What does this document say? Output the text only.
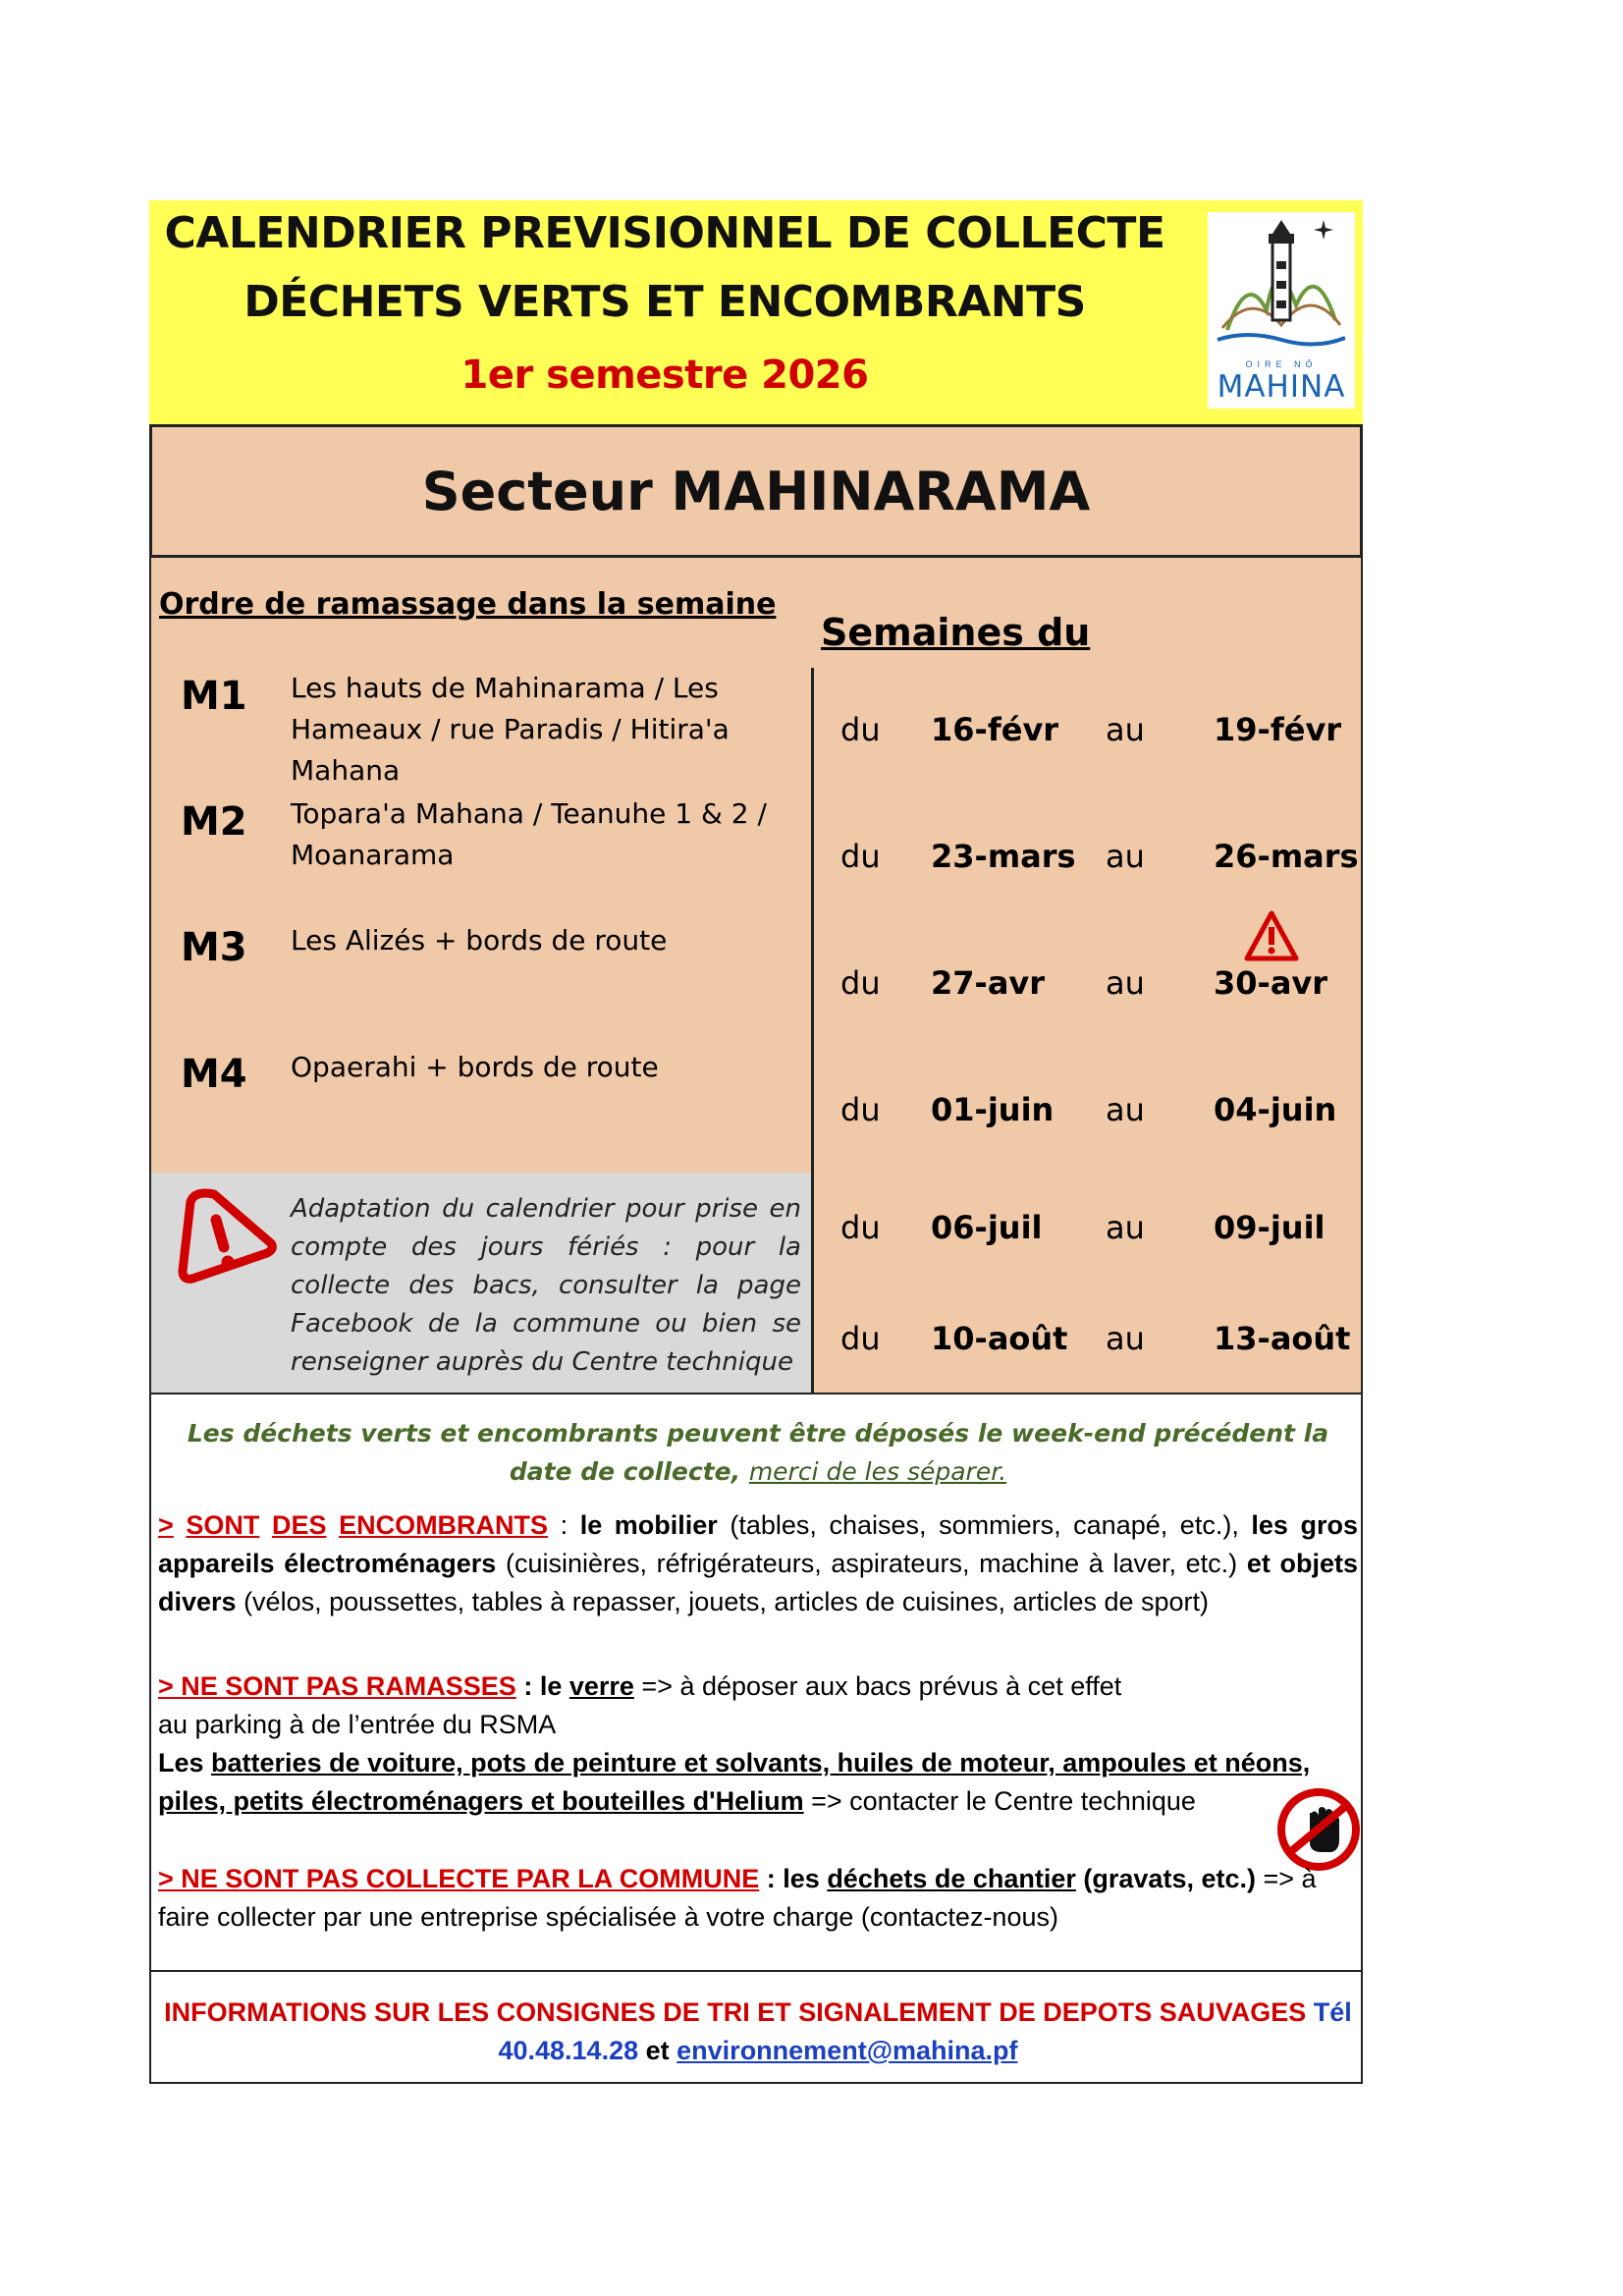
CALENDRIER PREVISIONNEL DE COLLECTE
DÉCHETS VERTS ET ENCOMBRANTS
1er semestre 2026	OIRE NŌ
MAHINA
Secteur MAHINARAMA
Ordre de ramassage dans la semaine
Semaines du
M1 Les hauts de Mahinarama / Les Hameaux / rue Paradis / Hitira'a Mahana
M2 Topara'a Mahana / Teanuhe 1 & 2 / Moanarama
M3 Les Alizés + bords de route
M4 Opaerahi + bords de route
du 16-févr au 19-févr
du 23-mars au 26-mars
du 27-avr au 30-avr
du 01-juin au 04-juin
du 06-juil au 09-juil
du 10-août au 13-août
Adaptation du calendrier pour prise en compte des jours fériés : pour la collecte des bacs, consulter la page Facebook de la commune ou bien se renseigner auprès du Centre technique
Les déchets verts et encombrants peuvent être déposés le week-end précédent la date de collecte, merci de les séparer.
> SONT DES ENCOMBRANTS : le mobilier (tables, chaises, sommiers, canapé, etc.), les gros appareils électroménagers (cuisinières, réfrigérateurs, aspirateurs, machine à laver, etc.) et objets divers (vélos, poussettes, tables à repasser, jouets, articles de cuisines, articles de sport)
> NE SONT PAS RAMASSES : le verre => à déposer aux bacs prévus à cet effet
au parking à de l’entrée du RSMA
Les batteries de voiture, pots de peinture et solvants, huiles de moteur, ampoules et néons, piles, petits électroménagers et bouteilles d'Helium => contacter le Centre technique
> NE SONT PAS COLLECTE PAR LA COMMUNE : les déchets de chantier (gravats, etc.) => à faire collecter par une entreprise spécialisée à votre charge (contactez-nous)
INFORMATIONS SUR LES CONSIGNES DE TRI ET SIGNALEMENT DE DEPOTS SAUVAGES Tél
40.48.14.28 et environnement@mahina.pf
